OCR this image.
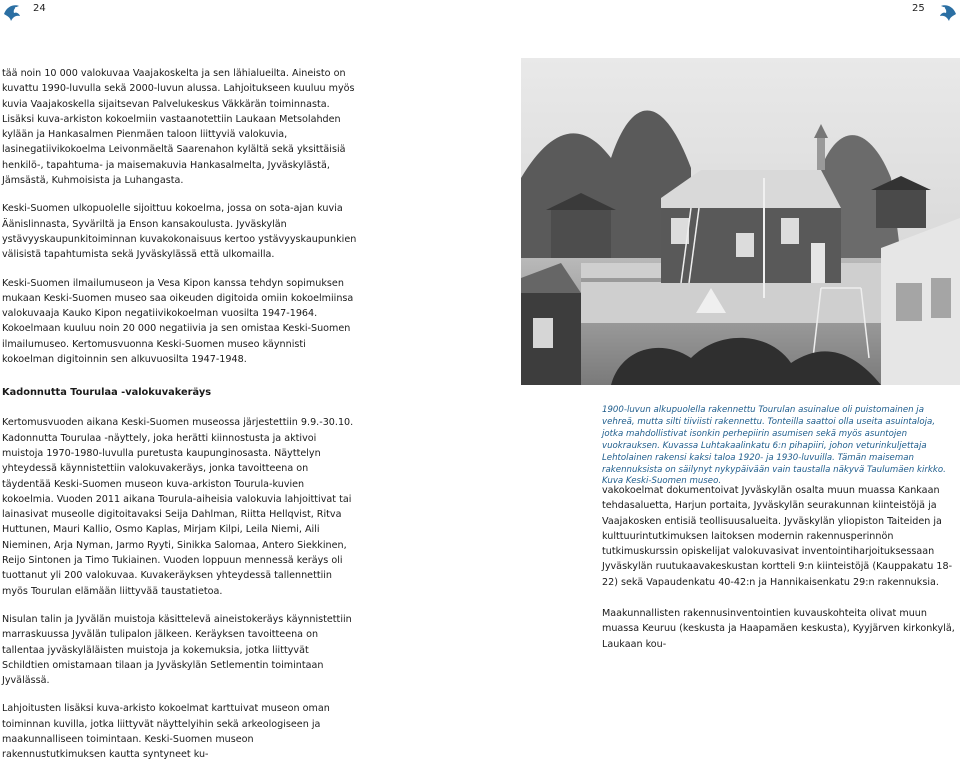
24	25

tää noin 10 000 valokuvaa Vaajakoskelta ja sen lähialueilta. Aineisto on kuvattu 1990-luvulla sekä 2000-luvun alussa. Lahjoitukseen kuuluu myös kuvia Vaajakoskella sijaitsevan Palvelukeskus Väkkärän toiminnasta. Lisäksi kuva-arkiston kokoelmiin vastaanotettiin Laukaan Metsolahden kylään ja Hankasalmen Pienmäen taloon liittyviä valokuvia, lasinegatiivikokoelma Leivonmäeltä Saarenahon kylältä sekä yksittäisiä henkilö-, tapahtuma- ja maisemakuvia Hankasalmelta, Jyväskylästä, Jämsästä, Kuhmoisista ja Luhangasta.

Keski-Suomen ulkopuolelle sijoittuu kokoelma, jossa on sota-ajan kuvia Äänislinnasta, Syväriltä ja Enson kansakoulusta. Jyväskylän ystävyyskaupunkitoiminnan kuvakokonaisuus kertoo ystävyyskaupunkien välisistä tapahtumista sekä Jyväskylässä että ulkomailla.

Keski-Suomen ilmailumuseon ja Vesa Kipon kanssa tehdyn sopimuksen mukaan Keski-Suomen museo saa oikeuden digitoida omiin kokoelmiinsa valokuvaaja Kauko Kipon negatiivikokoelman vuosilta 1947-1964. Kokoelmaan kuuluu noin 20 000 negatiivia ja sen omistaa Keski-Suomen ilmailumuseo. Kertomusvuonna Keski-Suomen museo käynnisti kokoelman digitoinnin sen alkuvuosilta 1947-1948.

Kadonnutta Tourulaa -valokuvakeräys

Kertomusvuoden aikana Keski-Suomen museossa järjestettiin 9.9.-30.10. Kadonnutta Tourulaa -näyttely, joka herätti kiinnostusta ja aktivoi muistoja 1970-1980-luvulla puretusta kaupunginosasta. Näyttelyn yhteydessä käynnistettiin valokuvakeräys, jonka tavoitteena on täydentää Keski-Suomen museon kuva-arkiston Tourula-kuvien kokoelmia. Vuoden 2011 aikana Tourula-aiheisia valokuvia lahjoittivat tai lainasivat museolle digitoitavaksi Seija Dahlman, Riitta Hellqvist, Ritva Huttunen, Mauri Kallio, Osmo Kaplas, Mirjam Kilpi, Leila Niemi, Aili Nieminen, Arja Nyman, Jarmo Ryyti, Sinikka Salomaa, Antero Siekkinen, Reijo Sintonen ja Timo Tukiainen. Vuoden loppuun mennessä keräys oli tuottanut yli 200 valokuvaa. Kuvakeräyksen yhteydessä tallennettiin myös Tourulan elämään liittyvää taustatietoa.

Nisulan talin ja Jyvälän muistoja käsittelevä aineistokeräys käynnistettiin marraskuussa Jyvälän tulipalon jälkeen. Keräyksen tavoitteena on tallentaa jyväskyläläisten muistoja ja kokemuksia, jotka liittyvät Schildtien omistamaan tilaan ja Jyväskylän Setlementin toimintaan Jyvälässä.

Lahjoitusten lisäksi kuva-arkisto kokoelmat karttuivat museon oman toiminnan kuvilla, jotka liittyvät näyttelyihin sekä arkeologiseen ja maakunnalliseen toimintaan. Keski-Suomen museon rakennustutkimuksen kautta syntyneet ku-

1900-luvun alkupuolella rakennettu Tourulan asuinalue oli puistomainen ja vehreä, mutta silti tiiviisti rakennettu. Tonteilla saattoi olla useita asuintaloja, jotka mahdollistivat isonkin perhepiirin asumisen sekä myös asuntojen vuokrauksen. Kuvassa Luhtakaalinkatu 6:n pihapiiri, johon veturinkuljettaja Lehtolainen rakensi kaksi taloa 1920- ja 1930-luvuilla. Tämän maiseman rakennuksista on säilynyt nykypäivään vain taustalla näkyvä Taulumäen kirkko. Kuva Keski-Suomen museo.

vakokoelmat dokumentoivat Jyväskylän osalta muun muassa Kankaan tehdasaluetta, Harjun portaita, Jyväskylän seurakunnan kiinteistöjä ja Vaajakosken entisiä teollisuusalueita. Jyväskylän yliopiston Taiteiden ja kulttuurintutkimuksen laitoksen modernin rakennusperinnön tutkimuskurssin opiskelijat valokuvasivat inventointiharjoituksessaan Jyväskylän ruutukaavakeskustan kortteli 9:n kiinteistöjä (Kauppakatu 18-22) sekä Vapaudenkatu 40-42:n ja Hannikaisenkatu 29:n rakennuksia.

Maakunnallisten rakennusinventointien kuvauskohteita olivat muun muassa Keuruu (keskusta ja Haapamäen keskusta), Kyyjärven kirkonkylä, Laukaan kou-
